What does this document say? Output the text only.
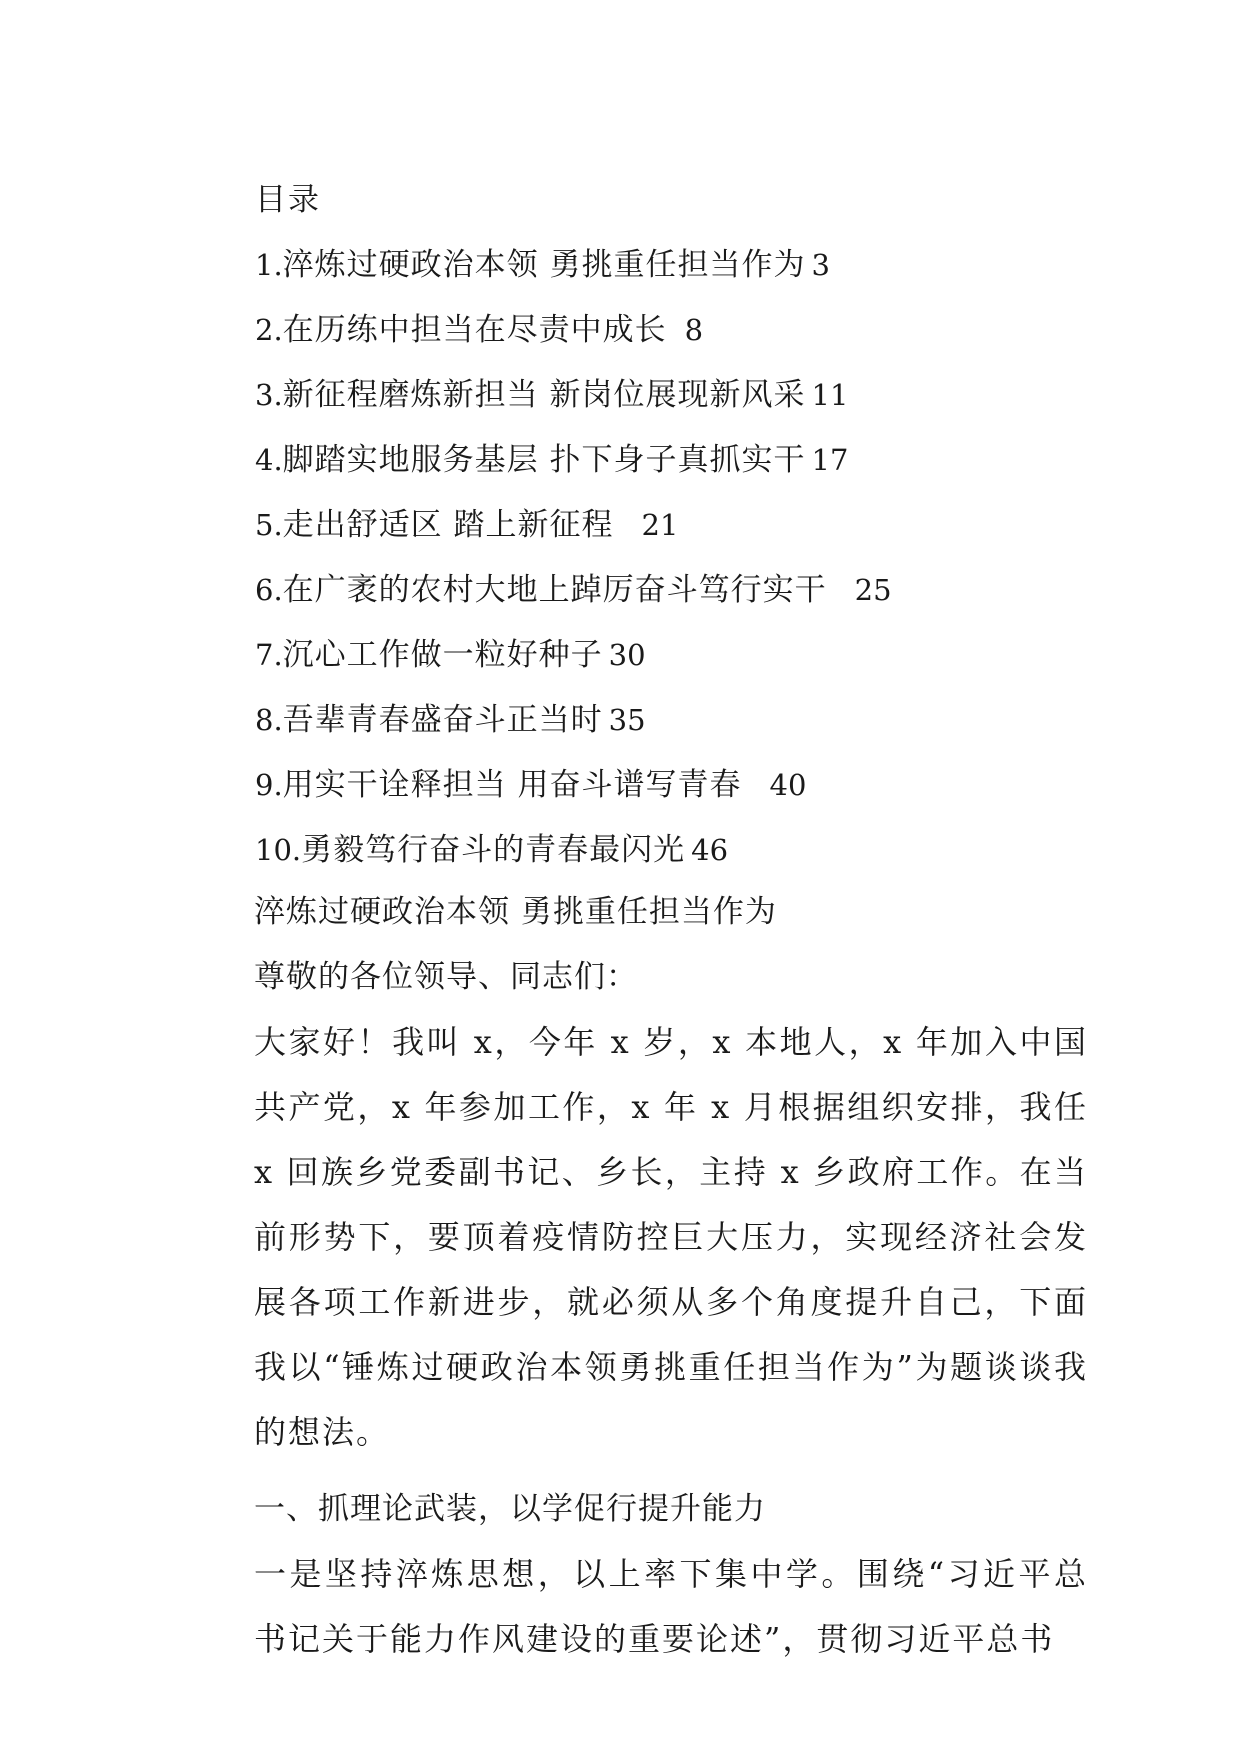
目录
1. 淬炼过硬政治本领 勇挑重任担当作为 3
2. 在历练中担当在尽责中成长 8
3. 新征程磨炼新担当 新岗位展现新风采 11
4. 脚踏实地服务基层 扑下身子真抓实干 17
5. 走出舒适区 踏上新征程 21
6. 在广袤的农村大地上踔厉奋斗笃行实干 25
7. 沉心工作做一粒好种子 30
8. 吾辈青春盛奋斗正当时 35
9. 用实干诠释担当 用奋斗谱写青春 40
10. 勇毅笃行奋斗的青春最闪光 46
淬炼过硬政治本领 勇挑重任担当作为
尊敬的各位领导、同志们：

大家好！我叫 x，今年 x 岁，x 本地人，x 年加入中国共产党，x 年参加工作，x 年 x 月根据组织安排，我任 x 回族乡党委副书记、乡长，主持 x 乡政府工作。在当前形势下，要顶着疫情防控巨大压力，实现经济社会发展各项工作新进步，就必须从多个角度提升自己，下面我以“锤炼过硬政治本领勇挑重任担当作为”为题谈谈我的想法。

一、抓理论武装，以学促行提升能力

一是坚持淬炼思想，以上率下集中学。围绕“习近平总书记关于能力作风建设的重要论述”，贯彻习近平总书
